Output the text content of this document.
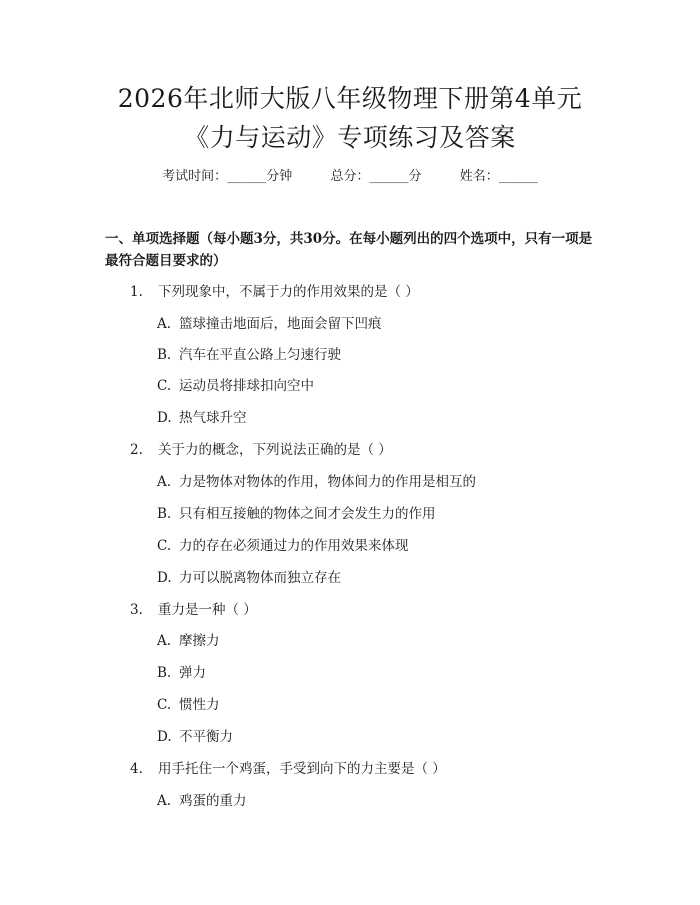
2026年北师大版八年级物理下册第4单元
《力与运动》专项练习及答案
考试时间：______分钟	总分：______分	姓名：______
一、单项选择题（每小题3分，共30分。在每小题列出的四个选项中，只有一项是最符合题目要求的）
1. 下列现象中，不属于力的作用效果的是（ ）
A. 篮球撞击地面后，地面会留下凹痕
B. 汽车在平直公路上匀速行驶
C. 运动员将排球扣向空中
D. 热气球升空
2. 关于力的概念，下列说法正确的是（ ）
A. 力是物体对物体的作用，物体间力的作用是相互的
B. 只有相互接触的物体之间才会发生力的作用
C. 力的存在必须通过力的作用效果来体现
D. 力可以脱离物体而独立存在
3. 重力是一种（ ）
A. 摩擦力
B. 弹力
C. 惯性力
D. 不平衡力
4. 用手托住一个鸡蛋，手受到向下的力主要是（ ）
A. 鸡蛋的重力
